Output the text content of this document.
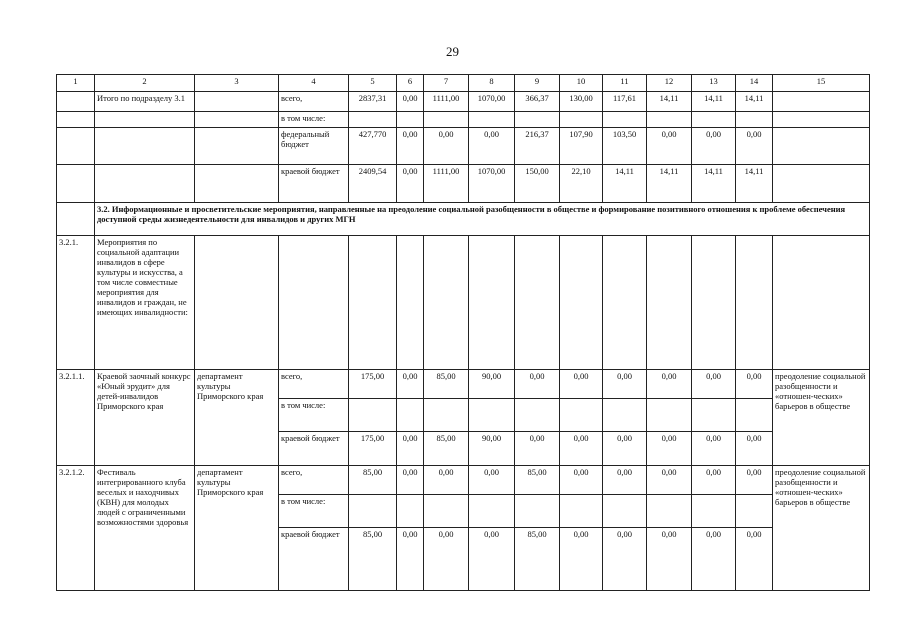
29
1	2	3	4	5	6	7	8	9	10	11	12	13	14	15
	Итого по подразделу 3.1		всего,	2837,31	0,00	1111,00	1070,00	366,37	130,00	117,61	14,11	14,11	14,11	
			в том числе:											
			федеральный бюджет	427,770	0,00	0,00	0,00	216,37	107,90	103,50	0,00	0,00	0,00	
			краевой бюджет	2409,54	0,00	1111,00	1070,00	150,00	22,10	14,11	14,11	14,11	14,11	
	3.2. Информационные и просветительские мероприятия, направленные на преодоление социальной разобщенности в обществе и формирование позитивного отношения к проблеме обеспечения доступной среды жизнедеятельности для инвалидов и других МГН													
3.2.1.	Мероприятия по социальной адаптации инвалидов в сфере культуры и искусства, а том числе совместные мероприятия для инвалидов и граждан, не имеющих инвалидности:													
3.2.1.1.	Краевой заочный конкурс «Юный эрудит» для детей-инвалидов Приморского края	департамент культуры Приморского края	всего,	175,00	0,00	85,00	90,00	0,00	0,00	0,00	0,00	0,00	0,00	преодоление социальной разобщенности и «отношен-ческих» барьеров в обществе
			в том числе:											
			краевой бюджет	175,00	0,00	85,00	90,00	0,00	0,00	0,00	0,00	0,00	0,00	
3.2.1.2.	Фестиваль интегрированного клуба веселых и находчивых (КВН) для молодых людей с ограниченными возможностями здоровья	департамент культуры Приморского края	всего,	85,00	0,00	0,00	0,00	85,00	0,00	0,00	0,00	0,00	0,00	преодоление социальной разобщенности и «отношен-ческих» барьеров в обществе
			в том числе:											
			краевой бюджет	85,00	0,00	0,00	0,00	85,00	0,00	0,00	0,00	0,00	0,00	
